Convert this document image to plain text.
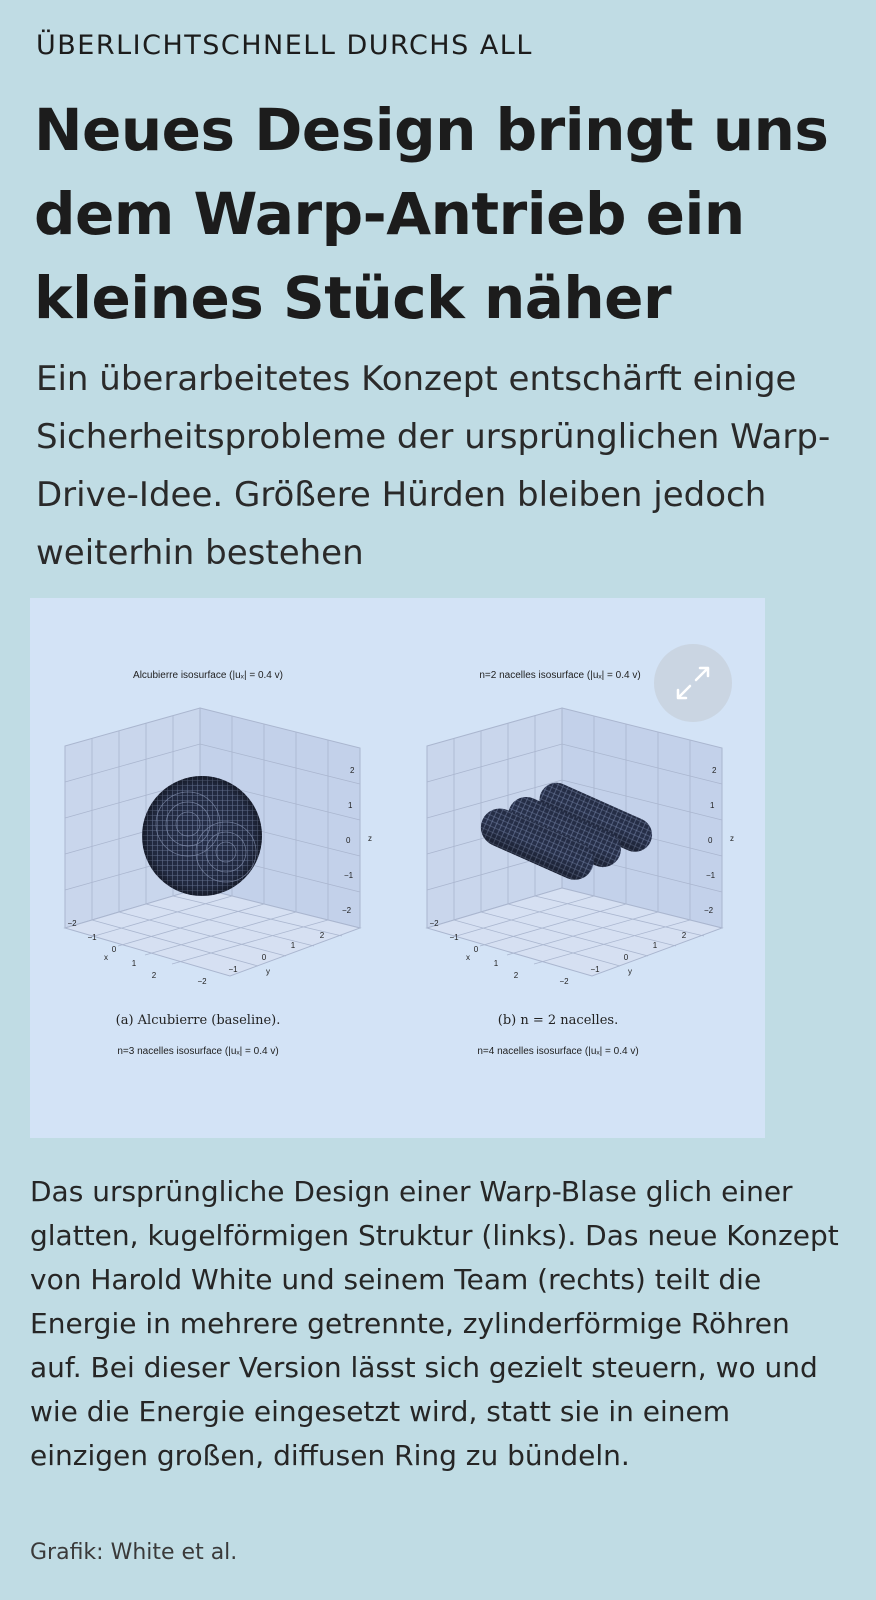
ÜBERLICHTSCHNELL DURCHS ALL
Neues Design bringt uns dem Warp-Antrieb ein kleines Stück näher

Ein überarbeitetes Konzept entschärft einige Sicherheitsprobleme der ursprünglichen Warp-Drive-Idee. Größere Hürden bleiben jedoch weiterhin bestehen

Alcubierre isosurface (|uₓ| = 0.4 v)
2
1
0
−1
−2
z
−2
−1
0
1
2
x
−2
−1
0
1
2
y
(a) Alcubierre (baseline).
n=3 nacelles isosurface (|uₓ| = 0.4 v)
n=2 nacelles isosurface (|uₓ| = 0.4 v)
2
1
0
−1
−2
z
−2
−1
0
1
2
x
−2
−1
0
1
2
y
(b) n = 2 nacelles.
n=4 nacelles isosurface (|uₓ| = 0.4 v)

Das ursprüngliche Design einer Warp-Blase glich einer glatten, kugelförmigen Struktur (links). Das neue Konzept von Harold White und seinem Team (rechts) teilt die Energie in mehrere getrennte, zylinderförmige Röhren auf. Bei dieser Version lässt sich gezielt steuern, wo und wie die Energie eingesetzt wird, statt sie in einem einzigen großen, diffusen Ring zu bündeln.

Grafik: White et al.
